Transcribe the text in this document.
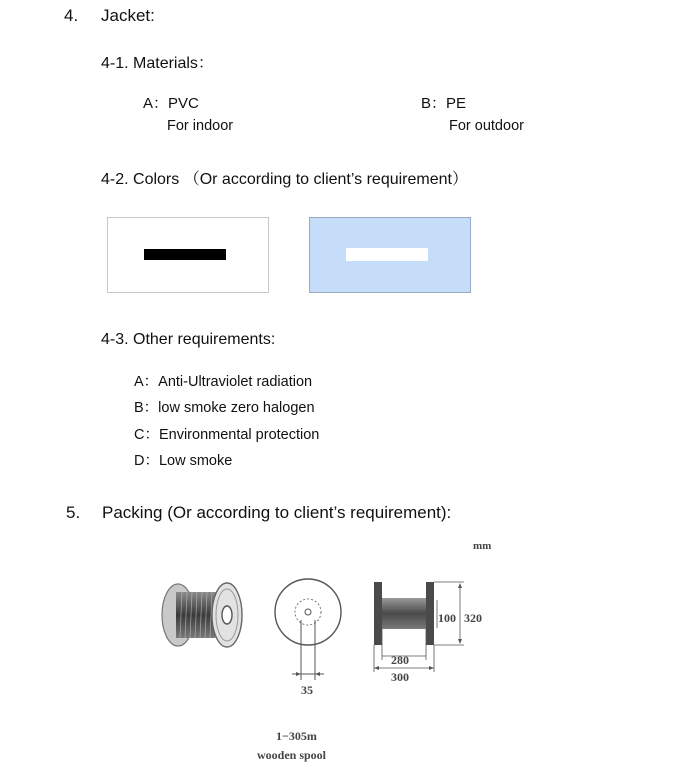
4. Jacket:
4-1. Materials：
A：PVC
For indoor
B：PE
For outdoor
4-2. Colors （Or according to client’s requirement）
4-3. Other requirements:
A：Anti-Ultraviolet radiation
B：low smoke zero halogen
C：Environmental protection
D：Low smoke
5. Packing (Or according to client’s requirement):
mm
35
100 320
280
300
1−305m
wooden spool
